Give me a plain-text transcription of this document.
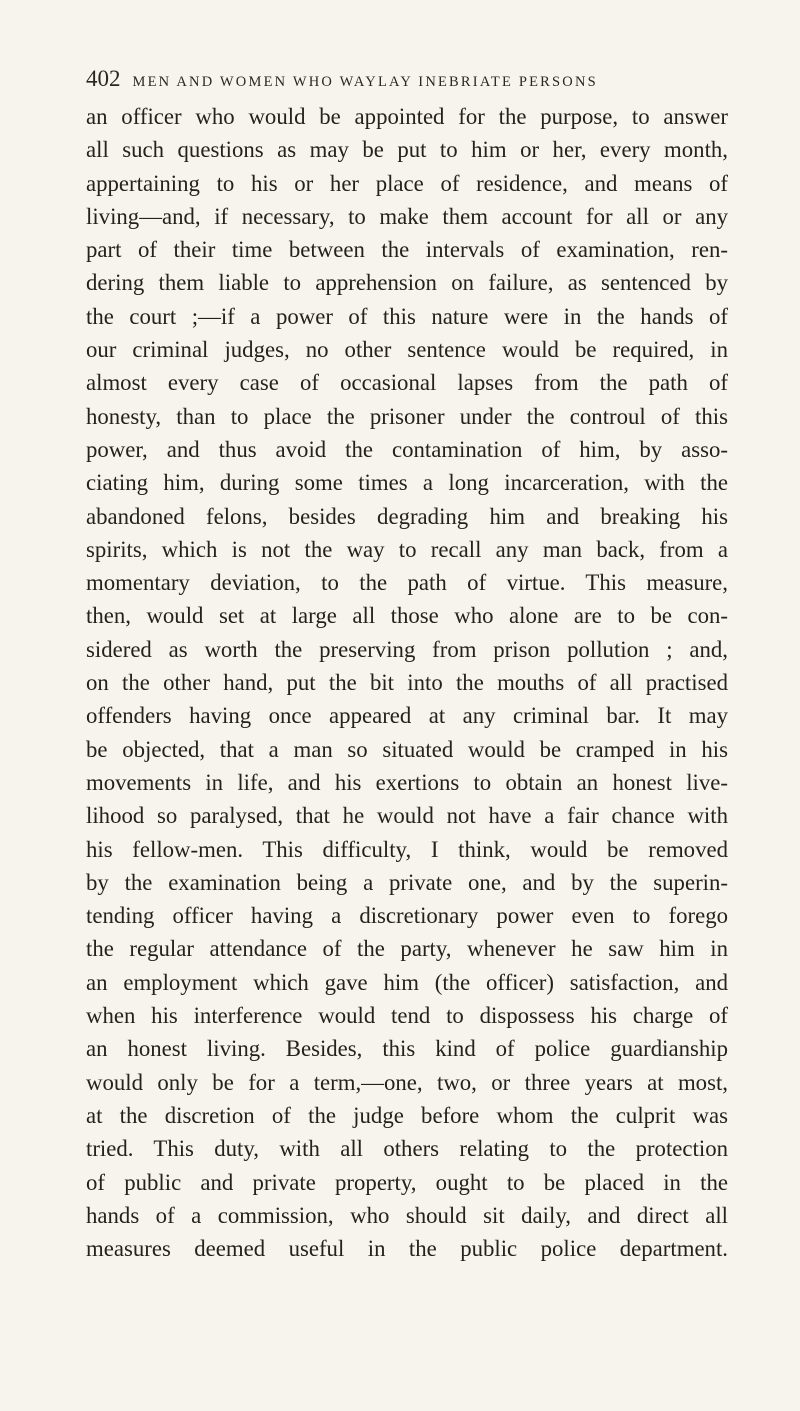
402 MEN AND WOMEN WHO WAYLAY INEBRIATE PERSONS
an officer who would be appointed for the purpose, to answer
all such questions as may be put to him or her, every month,
appertaining to his or her place of residence, and means of
living—and, if necessary, to make them account for all or any
part of their time between the intervals of examination, ren-
dering them liable to apprehension on failure, as sentenced by
the court ;—if a power of this nature were in the hands of
our criminal judges, no other sentence would be required, in
almost every case of occasional lapses from the path of
honesty, than to place the prisoner under the controul of this
power, and thus avoid the contamination of him, by asso-
ciating him, during some times a long incarceration, with the
abandoned felons, besides degrading him and breaking his
spirits, which is not the way to recall any man back, from a
momentary deviation, to the path of virtue. This measure,
then, would set at large all those who alone are to be con-
sidered as worth the preserving from prison pollution ; and,
on the other hand, put the bit into the mouths of all practised
offenders having once appeared at any criminal bar. It may
be objected, that a man so situated would be cramped in his
movements in life, and his exertions to obtain an honest live-
lihood so paralysed, that he would not have a fair chance with
his fellow-men. This difficulty, I think, would be removed
by the examination being a private one, and by the superin-
tending officer having a discretionary power even to forego
the regular attendance of the party, whenever he saw him in
an employment which gave him (the officer) satisfaction, and
when his interference would tend to dispossess his charge of
an honest living. Besides, this kind of police guardianship
would only be for a term,—one, two, or three years at most,
at the discretion of the judge before whom the culprit was
tried. This duty, with all others relating to the protection
of public and private property, ought to be placed in the
hands of a commission, who should sit daily, and direct all
measures deemed useful in the public police department.
